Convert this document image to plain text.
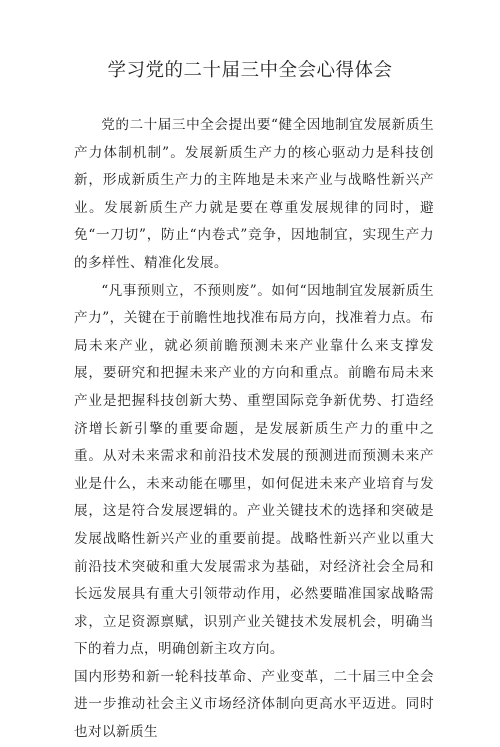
学习党的二十届三中全会心得体会

党的二十届三中全会提出要“健全因地制宜发展新质生产力体制机制”。发展新质生产力的核心驱动力是科技创新，形成新质生产力的主阵地是未来产业与战略性新兴产业。发展新质生产力就是要在尊重发展规律的同时，避免“一刀切”，防止“内卷式”竞争，因地制宜，实现生产力的多样性、精准化发展。

“凡事预则立，不预则废”。如何“因地制宜发展新质生产力”，关键在于前瞻性地找准布局方向，找准着力点。布局未来产业，就必须前瞻预测未来产业靠什么来支撑发展，要研究和把握未来产业的方向和重点。前瞻布局未来产业是把握科技创新大势、重塑国际竞争新优势、打造经济增长新引擎的重要命题，是发展新质生产力的重中之重。从对未来需求和前沿技术发展的预测进而预测未来产业是什么，未来动能在哪里，如何促进未来产业培育与发展，这是符合发展逻辑的。产业关键技术的选择和突破是发展战略性新兴产业的重要前提。战略性新兴产业以重大前沿技术突破和重大发展需求为基础，对经济社会全局和长远发展具有重大引领带动作用，必然要瞄准国家战略需求，立足资源禀赋，识别产业关键技术发展机会，明确当下的着力点，明确创新主攻方向。

国内形势和新一轮科技革命、产业变革，二十届三中全会进一步推动社会主义市场经济体制向更高水平迈进。同时也对以新质生
